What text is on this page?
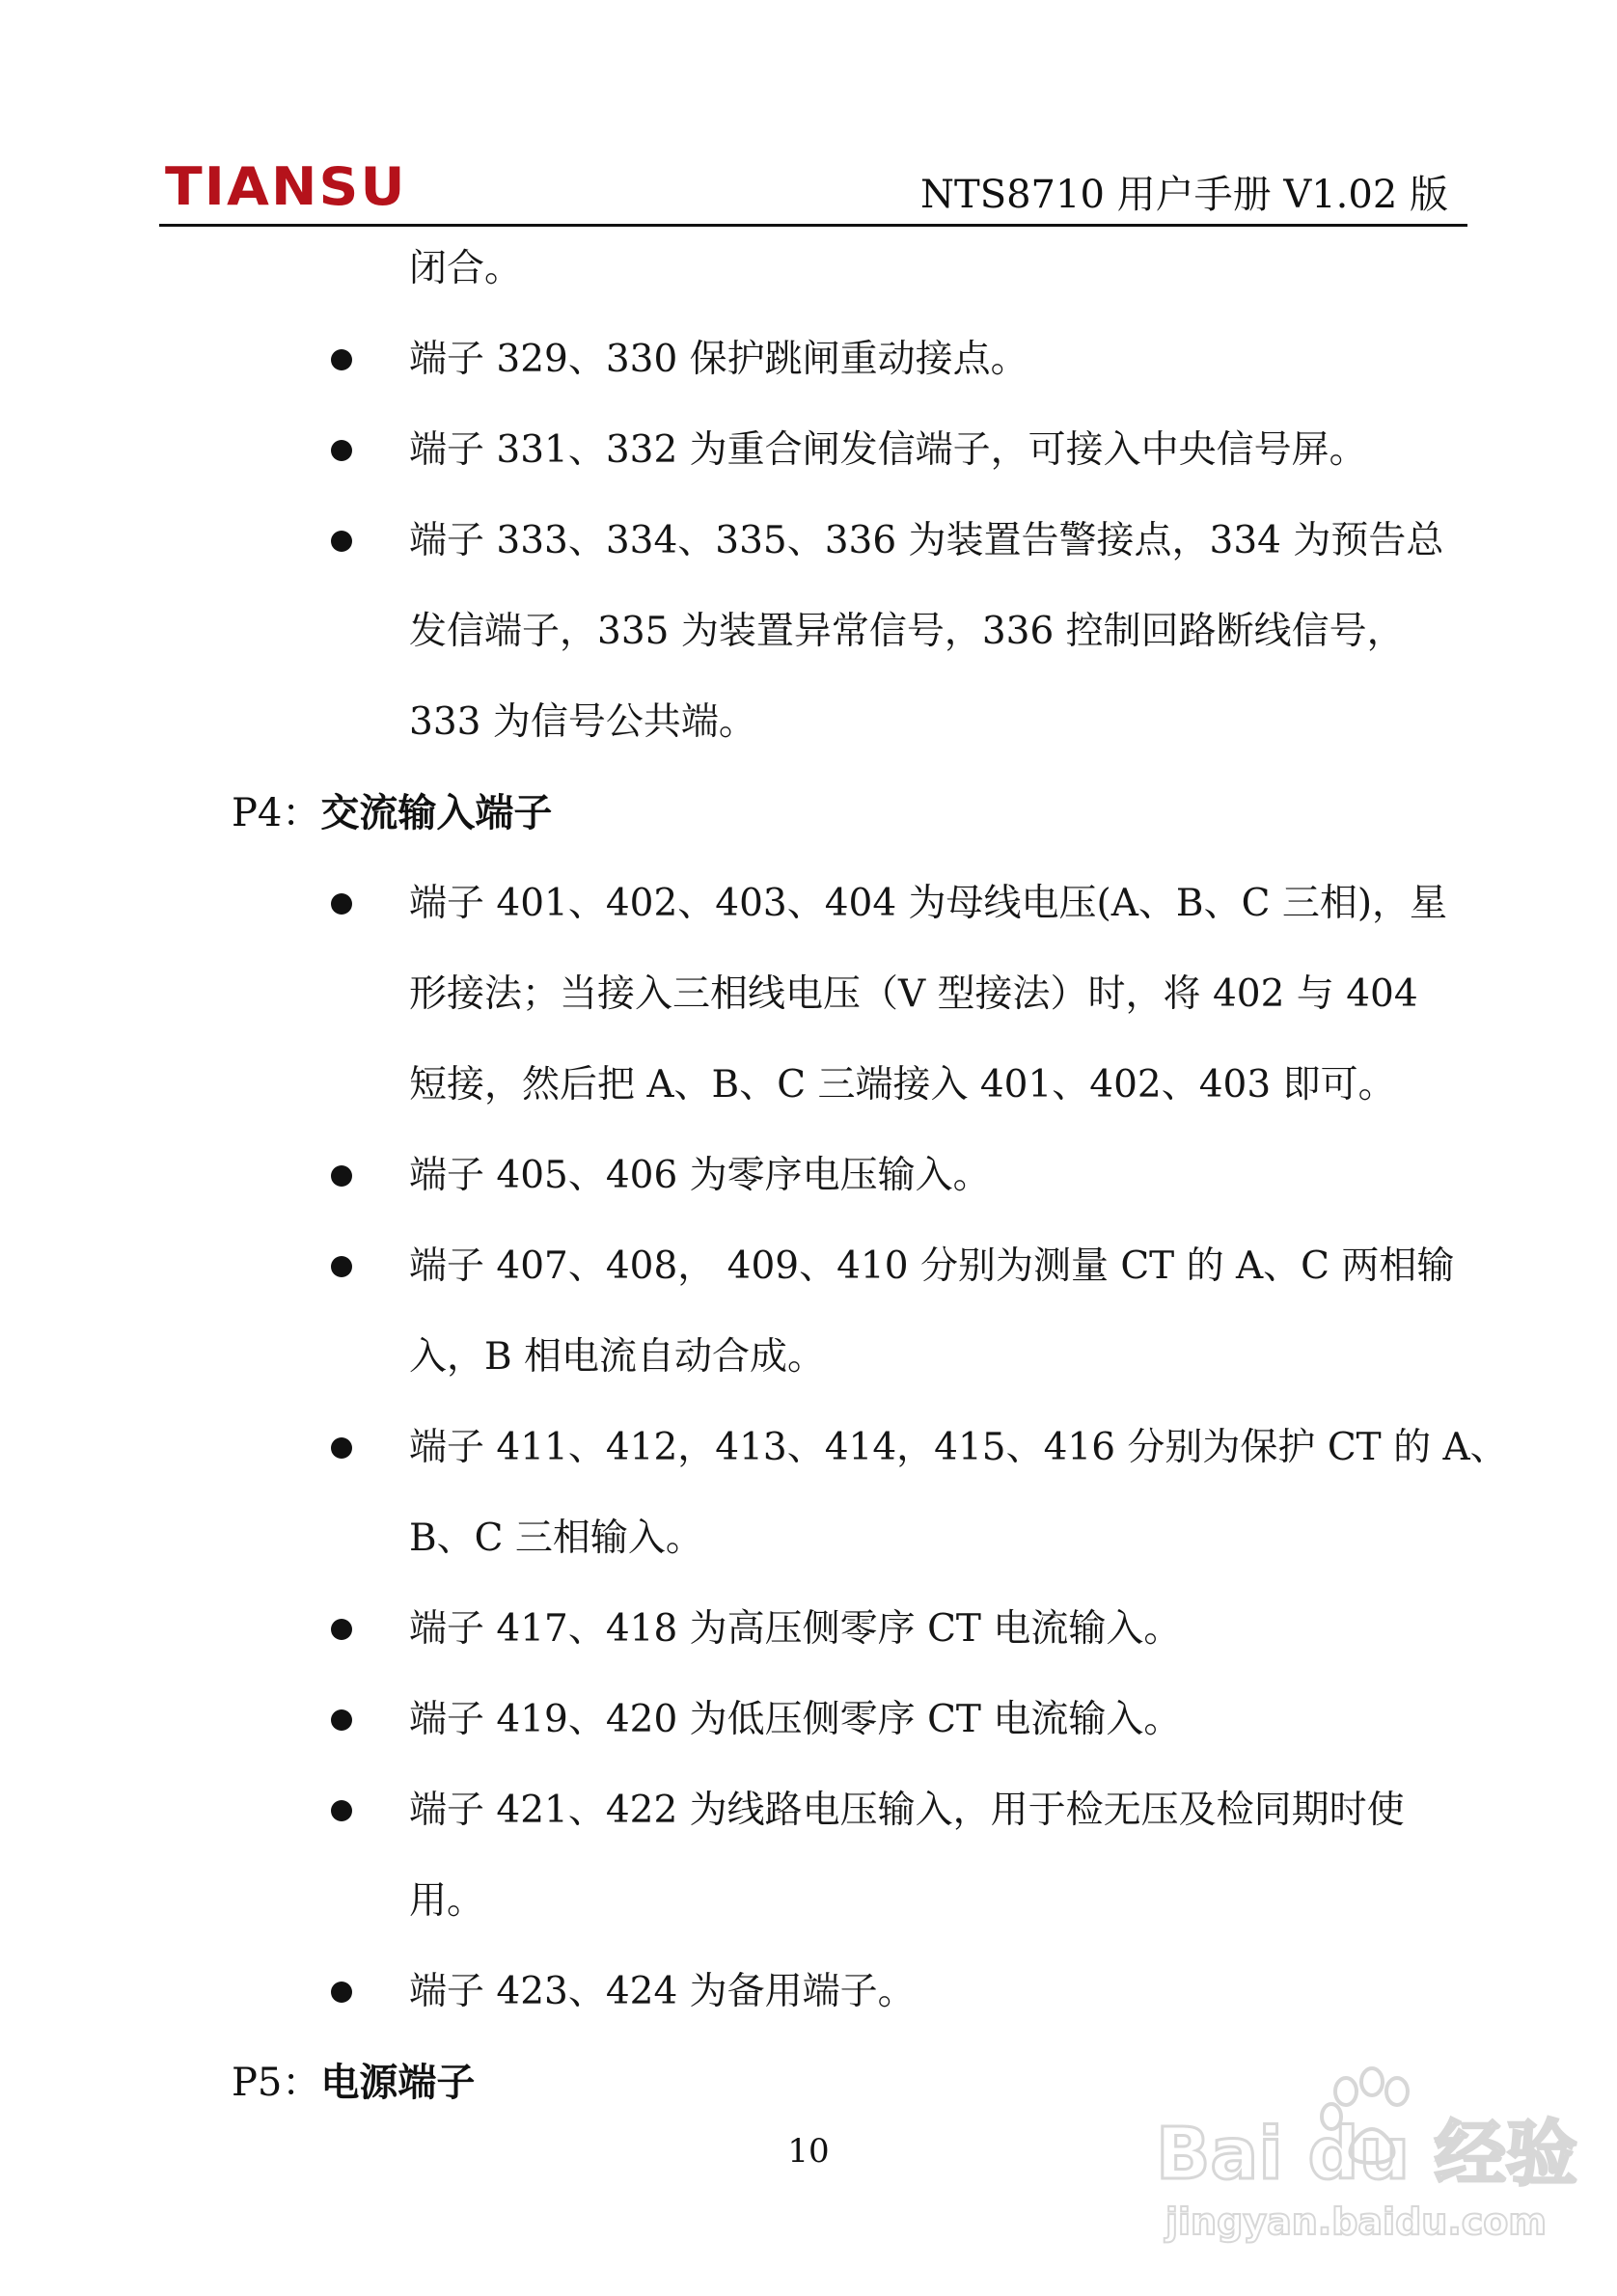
TIANSU	NTS8710 用户手册 V1.02 版
闭合。
端子 329、330 保护跳闸重动接点。
端子 331、332 为重合闸发信端子，可接入中央信号屏。
端子 333、334、335、336 为装置告警接点，334 为预告总
发信端子，335 为装置异常信号，336 控制回路断线信号，
333 为信号公共端。
P4：交流输入端子
端子 401、402、403、404 为母线电压(A、B、C 三相)，星
形接法；当接入三相线电压（V 型接法）时，将 402 与 404
短接，然后把 A、B、C 三端接入 401、402、403 即可。
端子 405、406 为零序电压输入。
端子 407、408， 409、410 分别为测量 CT 的 A、C 两相输
入，B 相电流自动合成。
端子 411、412，413、414，415、416 分别为保护 CT 的 A、
B、C 三相输入。
端子 417、418 为高压侧零序 CT 电流输入。
端子 419、420 为低压侧零序 CT 电流输入。
端子 421、422 为线路电压输入，用于检无压及检同期时使
用。
端子 423、424 为备用端子。
P5：电源端子
10	Bai du 经验
jingyan.baidu.com
